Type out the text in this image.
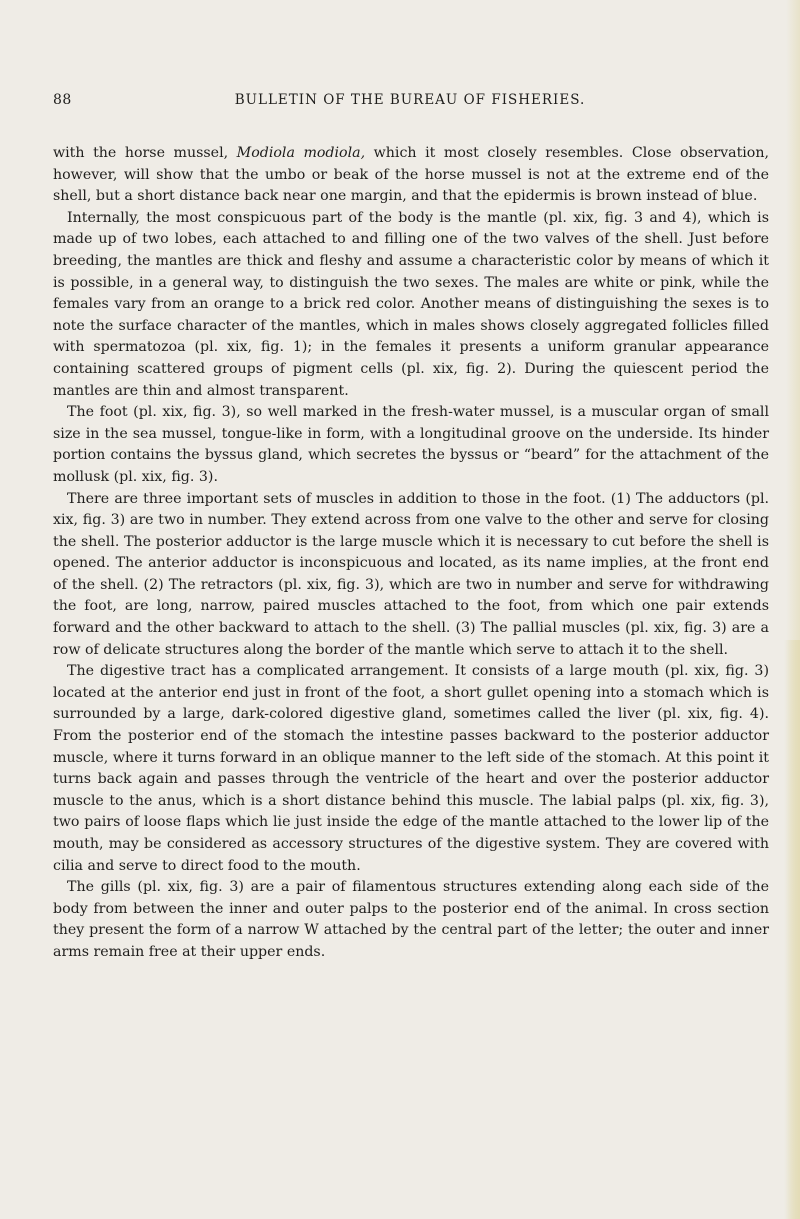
88	BULLETIN OF THE BUREAU OF FISHERIES.

with the horse mussel, Modiola modiola, which it most closely resembles. Close observation, however, will show that the umbo or beak of the horse mussel is not at the extreme end of the shell, but a short distance back near one margin, and that the epidermis is brown instead of blue.

Internally, the most conspicuous part of the body is the mantle (pl. xix, fig. 3 and 4), which is made up of two lobes, each attached to and filling one of the two valves of the shell. Just before breeding, the mantles are thick and fleshy and assume a characteristic color by means of which it is possible, in a general way, to distinguish the two sexes. The males are white or pink, while the females vary from an orange to a brick red color. Another means of distinguishing the sexes is to note the surface character of the mantles, which in males shows closely aggregated follicles filled with spermatozoa (pl. xix, fig. 1); in the females it presents a uniform granular appearance containing scattered groups of pigment cells (pl. xix, fig. 2). During the quiescent period the mantles are thin and almost transparent.

The foot (pl. xix, fig. 3), so well marked in the fresh-water mussel, is a muscular organ of small size in the sea mussel, tongue-like in form, with a longitudinal groove on the underside. Its hinder portion contains the byssus gland, which secretes the byssus or “beard” for the attachment of the mollusk (pl. xix, fig. 3).

There are three important sets of muscles in addition to those in the foot. (1) The adductors (pl. xix, fig. 3) are two in number. They extend across from one valve to the other and serve for closing the shell. The posterior adductor is the large muscle which it is necessary to cut before the shell is opened. The anterior adductor is inconspicuous and located, as its name implies, at the front end of the shell. (2) The retractors (pl. xix, fig. 3), which are two in number and serve for withdrawing the foot, are long, narrow, paired muscles attached to the foot, from which one pair extends forward and the other backward to attach to the shell. (3) The pallial muscles (pl. xix, fig. 3) are a row of delicate structures along the border of the mantle which serve to attach it to the shell.

The digestive tract has a complicated arrangement. It consists of a large mouth (pl. xix, fig. 3) located at the anterior end just in front of the foot, a short gullet opening into a stomach which is surrounded by a large, dark-colored digestive gland, sometimes called the liver (pl. xix, fig. 4). From the posterior end of the stomach the intestine passes backward to the posterior adductor muscle, where it turns forward in an oblique manner to the left side of the stomach. At this point it turns back again and passes through the ventricle of the heart and over the posterior adductor muscle to the anus, which is a short distance behind this muscle. The labial palps (pl. xix, fig. 3), two pairs of loose flaps which lie just inside the edge of the mantle attached to the lower lip of the mouth, may be considered as accessory structures of the digestive system. They are covered with cilia and serve to direct food to the mouth.

The gills (pl. xix, fig. 3) are a pair of filamentous structures extending along each side of the body from between the inner and outer palps to the posterior end of the animal. In cross section they present the form of a narrow W attached by the central part of the letter; the outer and inner arms remain free at their upper ends.
